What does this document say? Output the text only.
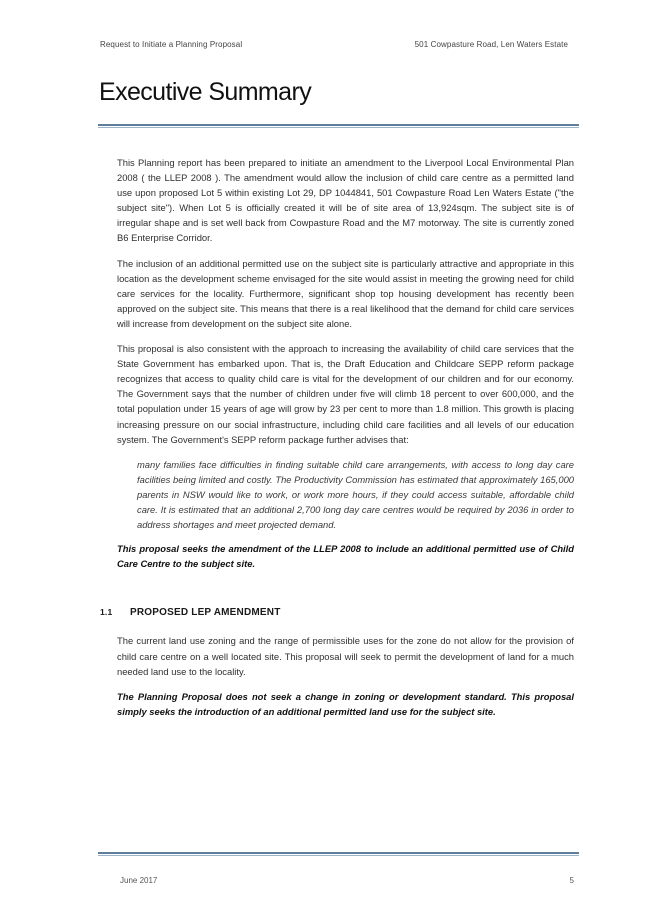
Request to Initiate a Planning Proposal	501 Cowpasture Road, Len Waters Estate
Executive Summary

This Planning report has been prepared to initiate an amendment to the Liverpool Local Environmental Plan 2008 ( the LLEP 2008 ). The amendment would allow the inclusion of child care centre as a permitted land use upon proposed Lot 5 within existing Lot 29, DP 1044841, 501 Cowpasture Road Len Waters Estate ("the subject site"). When Lot 5 is officially created it will be of site area of 13,924sqm. The subject site is of irregular shape and is set well back from Cowpasture Road and the M7 motorway. The site is currently zoned B6 Enterprise Corridor.

The inclusion of an additional permitted use on the subject site is particularly attractive and appropriate in this location as the development scheme envisaged for the site would assist in meeting the growing need for child care services for the locality. Furthermore, significant shop top housing development has recently been approved on the subject site. This means that there is a real likelihood that the demand for child care services will increase from development on the subject site alone.

This proposal is also consistent with the approach to increasing the availability of child care services that the State Government has embarked upon. That is, the Draft Education and Childcare SEPP reform package recognizes that access to quality child care is vital for the development of our children and for our economy. The Government says that the number of children under five will climb 18 percent to over 600,000, and the total population under 15 years of age will grow by 23 per cent to more than 1.8 million. This growth is placing increasing pressure on our social infrastructure, including child care facilities and all levels of our education system. The Government's SEPP reform package further advises that:

many families face difficulties in finding suitable child care arrangements, with access to long day care facilities being limited and costly. The Productivity Commission has estimated that approximately 165,000 parents in NSW would like to work, or work more hours, if they could access suitable, affordable child care. It is estimated that an additional 2,700 long day care centres would be required by 2036 in order to address shortages and meet projected demand.

This proposal seeks the amendment of the LLEP 2008 to include an additional permitted use of Child Care Centre to the subject site.

1.1	PROPOSED LEP AMENDMENT

The current land use zoning and the range of permissible uses for the zone do not allow for the provision of child care centre on a well located site. This proposal will seek to permit the development of land for a much needed land use to the locality.

The Planning Proposal does not seek a change in zoning or development standard. This proposal simply seeks the introduction of an additional permitted land use for the subject site.

June 2017	5
